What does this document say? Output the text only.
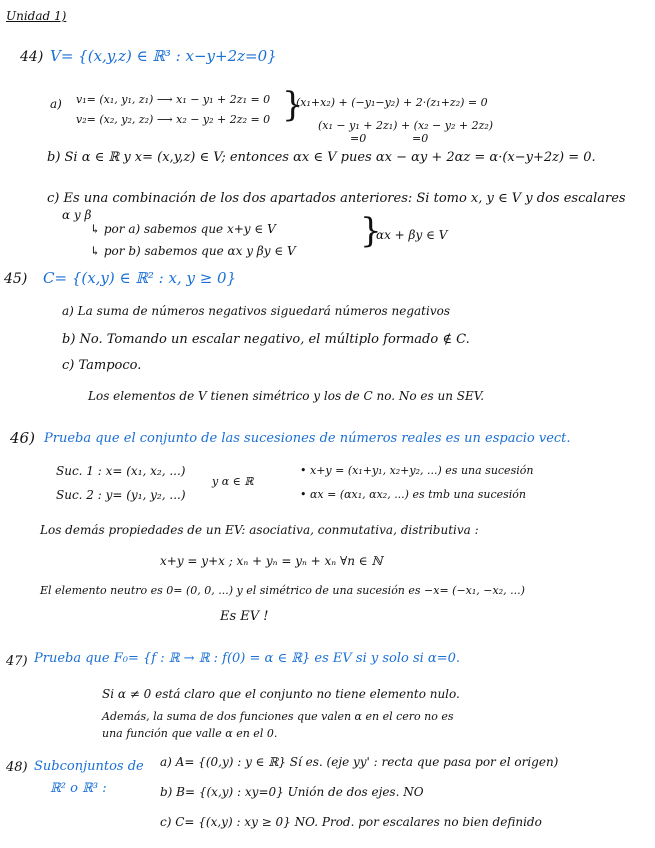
Unidad 1)
44) V= {(x,y,z) ∈ ℝ³ : x−y+2z=0}
a) v₁= (x₁, y₁, z₁) ⟶ x₁ − y₁ + 2z₁ = 0
v₂= (x₂, y₂, z₂) ⟶ x₂ − y₂ + 2z₂ = 0 }
(x₁+x₂) + (−y₁−y₂) + 2·(z₁+z₂) = 0
(x₁ − y₁ + 2z₁) + (x₂ − y₂ + 2z₂)
=0	=0
b) Si α ∈ ℝ y x= (x,y,z) ∈ V; entonces αx ∈ V pues αx − αy + 2αz = α·(x−y+2z) = 0.
c) Es una combinación de los dos apartados anteriores: Si tomo x, y ∈ V y dos escalares
α y β
↳ por a) sabemos que x+y ∈ V
↳ por b) sabemos que αx y βy ∈ V }
αx + βy ∈ V
45) C= {(x,y) ∈ ℝ² : x, y ≥ 0}
a) La suma de números negativos siguedará números negativos
b) No. Tomando un escalar negativo, el múltiplo formado ∉ C.
c) Tampoco.
Los elementos de V tienen simétrico y los de C no. No es un SEV.
46) Prueba que el conjunto de las sucesiones de números reales es un espacio vect.
Suc. 1 : x= (x₁, x₂, ...)
Suc. 2 : y= (y₁, y₂, ...)
y α ∈ ℝ
• x+y = (x₁+y₁, x₂+y₂, ...) es una sucesión
• αx = (αx₁, αx₂, ...) es tmb una sucesión
Los demás propiedades de un EV: asociativa, conmutativa, distributiva :
x+y = y+x ; xₙ + yₙ = yₙ + xₙ ∀n ∈ ℕ
El elemento neutro es 0= (0, 0, ...) y el simétrico de una sucesión es −x= (−x₁, −x₂, ...)
Es EV !
47) Prueba que F₀= {f : ℝ → ℝ : f(0) = α ∈ ℝ} es EV si y solo si α=0.
Si α ≠ 0 está claro que el conjunto no tiene elemento nulo.
Además, la suma de dos funciones que valen α en el cero no es
una función que valle α en el 0.
48) Subconjuntos de
ℝ² o ℝ³ :
a) A= {(0,y) : y ∈ ℝ} Sí es. (eje yy' : recta que pasa por el origen)
b) B= {(x,y) : xy=0} Unión de dos ejes. NO
c) C= {(x,y) : xy ≥ 0} NO. Prod. por escalares no bien definido
